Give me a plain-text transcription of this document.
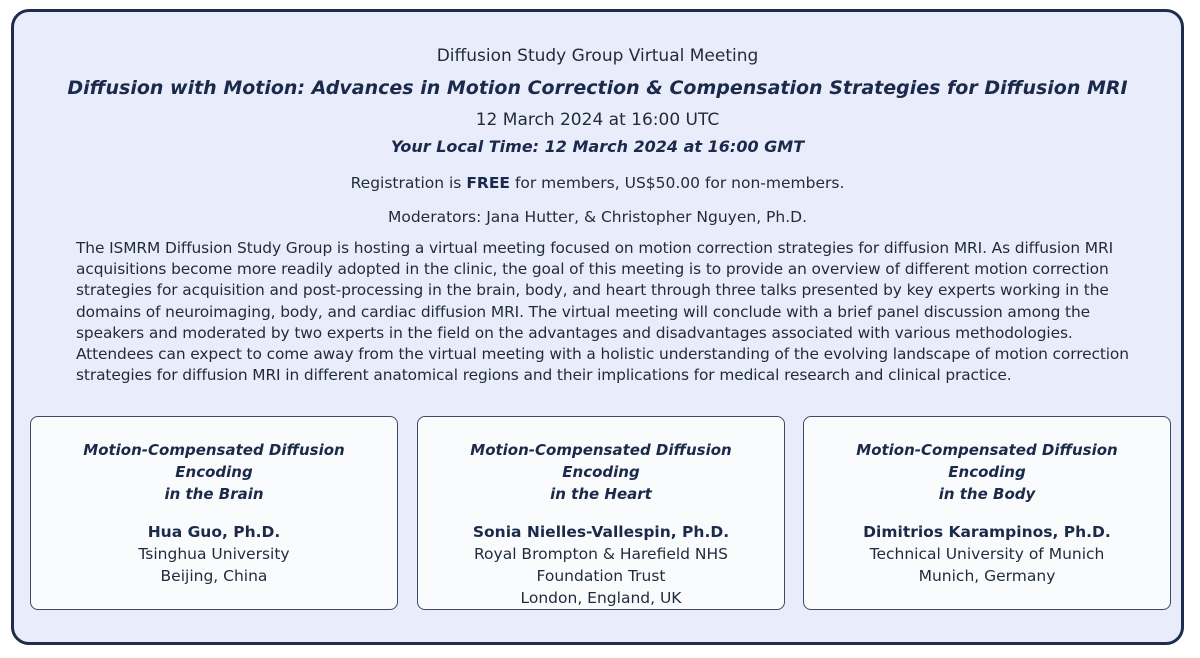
Diffusion Study Group Virtual Meeting
Diffusion with Motion: Advances in Motion Correction & Compensation Strategies for Diffusion MRI
12 March 2024 at 16:00 UTC
Your Local Time: 12 March 2024 at 16:00 GMT
Registration is FREE for members, US$50.00 for non-members.
Moderators: Jana Hutter, & Christopher Nguyen, Ph.D.
The ISMRM Diffusion Study Group is hosting a virtual meeting focused on motion correction strategies for diffusion MRI. As diffusion MRI acquisitions become more readily adopted in the clinic, the goal of this meeting is to provide an overview of different motion correction strategies for acquisition and post-processing in the brain, body, and heart through three talks presented by key experts working in the domains of neuroimaging, body, and cardiac diffusion MRI. The virtual meeting will conclude with a brief panel discussion among the speakers and moderated by two experts in the field on the advantages and disadvantages associated with various methodologies. Attendees can expect to come away from the virtual meeting with a holistic understanding of the evolving landscape of motion correction strategies for diffusion MRI in different anatomical regions and their implications for medical research and clinical practice.
Motion-Compensated Diffusion Encoding
in the Brain
Hua Guo, Ph.D.
Tsinghua University
Beijing, China
Motion-Compensated Diffusion Encoding
in the Heart
Sonia Nielles-Vallespin, Ph.D.
Royal Brompton & Harefield NHS
Foundation Trust
London, England, UK
Motion-Compensated Diffusion Encoding
in the Body
Dimitrios Karampinos, Ph.D.
Technical University of Munich
Munich, Germany
